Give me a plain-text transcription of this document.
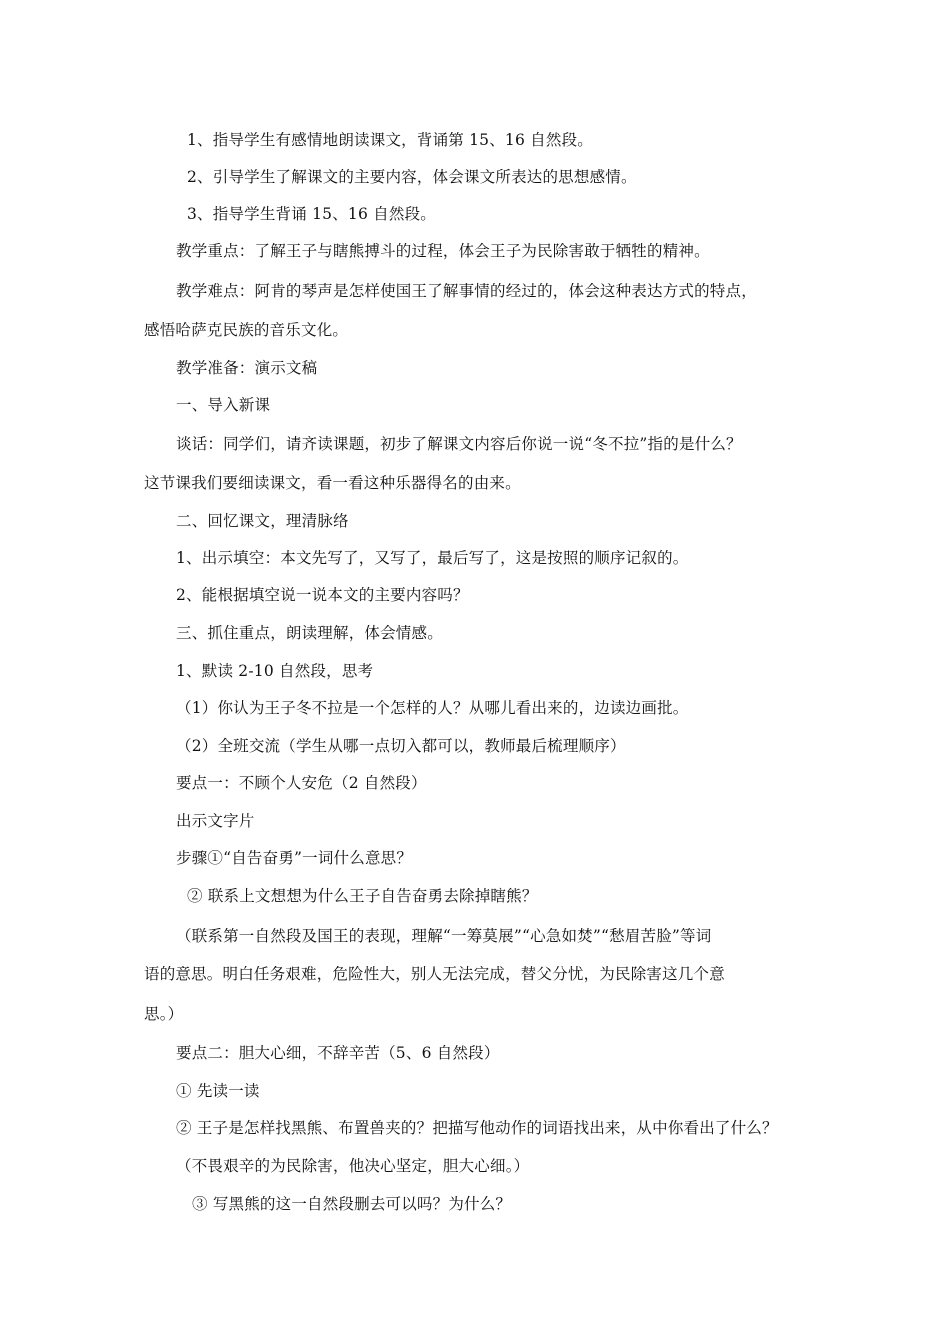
1、指导学生有感情地朗读课文，背诵第 15、16 自然段。
2、引导学生了解课文的主要内容，体会课文所表达的思想感情。
3、指导学生背诵 15、16 自然段。
教学重点：了解王子与瞎熊搏斗的过程，体会王子为民除害敢于牺牲的精神。
教学难点：阿肯的琴声是怎样使国王了解事情的经过的，体会这种表达方式的特点，
感悟哈萨克民族的音乐文化。
教学准备：演示文稿
一、导入新课
谈话：同学们，请齐读课题，初步了解课文内容后你说一说“冬不拉”指的是什么？
这节课我们要细读课文，看一看这种乐器得名的由来。
二、回忆课文，理清脉络
1、出示填空：本文先写了，又写了，最后写了，这是按照的顺序记叙的。
2、能根据填空说一说本文的主要内容吗？
三、抓住重点，朗读理解，体会情感。
1、默读 2-10 自然段，思考
（1）你认为王子冬不拉是一个怎样的人？从哪儿看出来的，边读边画批。
（2）全班交流（学生从哪一点切入都可以，教师最后梳理顺序）
要点一：不顾个人安危（2 自然段）
出示文字片
步骤①“自告奋勇”一词什么意思？
② 联系上文想想为什么王子自告奋勇去除掉瞎熊？
（联系第一自然段及国王的表现，理解“一筹莫展”“心急如焚”“愁眉苦脸”等词
语的意思。明白任务艰难，危险性大，别人无法完成，替父分忧，为民除害这几个意
思。）
要点二：胆大心细，不辞辛苦（5、6 自然段）
① 先读一读
② 王子是怎样找黑熊、布置兽夹的？把描写他动作的词语找出来，从中你看出了什么？
（不畏艰辛的为民除害，他决心坚定，胆大心细。）
③ 写黑熊的这一自然段删去可以吗？为什么？
